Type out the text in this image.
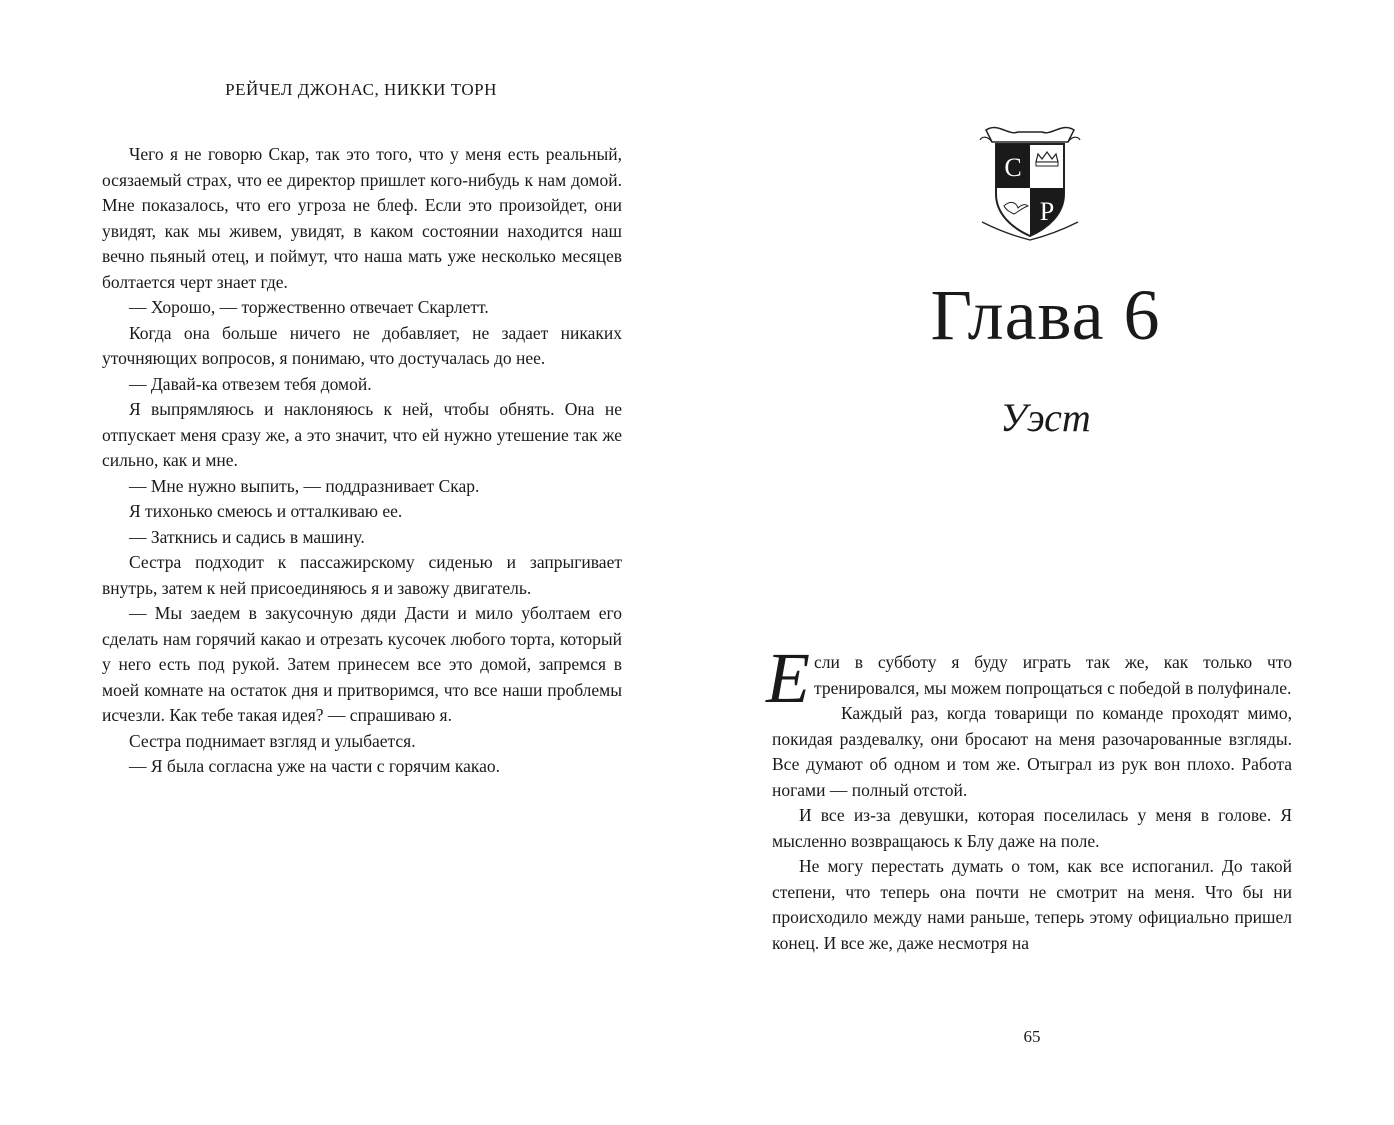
РЕЙЧЕЛ ДЖОНАС, НИККИ ТОРН

Чего я не говорю Скар, так это того, что у меня есть реальный, осязаемый страх, что ее директор пришлет кого-нибудь к нам домой. Мне показалось, что его угроза не блеф. Если это произойдет, они увидят, как мы живем, увидят, в каком состоянии находится наш вечно пьяный отец, и поймут, что наша мать уже несколько месяцев болтается черт знает где.

— Хорошо, — торжественно отвечает Скарлетт.

Когда она больше ничего не добавляет, не задает никаких уточняющих вопросов, я понимаю, что достучалась до нее.

— Давай-ка отвезем тебя домой.

Я выпрямляюсь и наклоняюсь к ней, чтобы обнять. Она не отпускает меня сразу же, а это значит, что ей нужно утешение так же сильно, как и мне.

— Мне нужно выпить, — поддразнивает Скар.

Я тихонько смеюсь и отталкиваю ее.

— Заткнись и садись в машину.

Сестра подходит к пассажирскому сиденью и запрыгивает внутрь, затем к ней присоединяюсь я и завожу двигатель.

— Мы заедем в закусочную дяди Дасти и мило уболтаем его сделать нам горячий какао и отрезать кусочек любого торта, который у него есть под рукой. Затем принесем все это домой, запремся в моей комнате на остаток дня и притворимся, что все наши проблемы исчезли. Как тебе такая идея? — спрашиваю я.

Сестра поднимает взгляд и улыбается.

— Я была согласна уже на части с горячим какао.

C
P
Глава 6
Уэст

Если в субботу я буду играть так же, как только что тренировался, мы можем попрощаться с победой в полуфинале.

Каждый раз, когда товарищи по команде проходят мимо, покидая раздевалку, они бросают на меня разочарованные взгляды. Все думают об одном и том же. Отыграл из рук вон плохо. Работа ногами — полный отстой.

И все из-за девушки, которая поселилась у меня в голове. Я мысленно возвращаюсь к Блу даже на поле.

Не могу перестать думать о том, как все испоганил. До такой степени, что теперь она почти не смотрит на меня. Что бы ни происходило между нами раньше, теперь этому официально пришел конец. И все же, даже несмотря на

65
